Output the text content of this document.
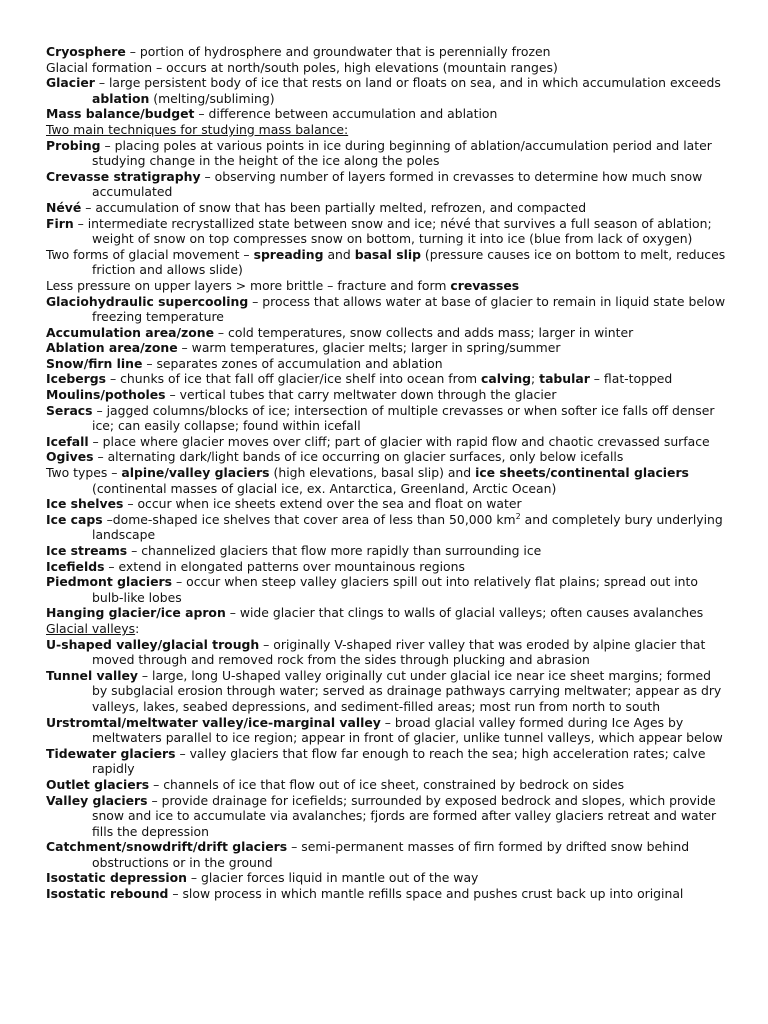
Cryosphere – portion of hydrosphere and groundwater that is perennially frozen

Glacial formation – occurs at north/south poles, high elevations (mountain ranges)

Glacier – large persistent body of ice that rests on land or floats on sea, and in which accumulation exceeds ablation (melting/subliming)

Mass balance/budget – difference between accumulation and ablation

Two main techniques for studying mass balance:

Probing – placing poles at various points in ice during beginning of ablation/accumulation period and later studying change in the height of the ice along the poles

Crevasse stratigraphy – observing number of layers formed in crevasses to determine how much snow accumulated

Névé – accumulation of snow that has been partially melted, refrozen, and compacted

Firn – intermediate recrystallized state between snow and ice; névé that survives a full season of ablation; weight of snow on top compresses snow on bottom, turning it into ice (blue from lack of oxygen)

Two forms of glacial movement – spreading and basal slip (pressure causes ice on bottom to melt, reduces friction and allows slide)

Less pressure on upper layers > more brittle – fracture and form crevasses

Glaciohydraulic supercooling – process that allows water at base of glacier to remain in liquid state below freezing temperature

Accumulation area/zone – cold temperatures, snow collects and adds mass; larger in winter

Ablation area/zone – warm temperatures, glacier melts; larger in spring/summer

Snow/firn line – separates zones of accumulation and ablation

Icebergs – chunks of ice that fall off glacier/ice shelf into ocean from calving; tabular – flat-topped

Moulins/potholes – vertical tubes that carry meltwater down through the glacier

Seracs – jagged columns/blocks of ice; intersection of multiple crevasses or when softer ice falls off denser ice; can easily collapse; found within icefall

Icefall – place where glacier moves over cliff; part of glacier with rapid flow and chaotic crevassed surface

Ogives – alternating dark/light bands of ice occurring on glacier surfaces, only below icefalls

Two types – alpine/valley glaciers (high elevations, basal slip) and ice sheets/continental glaciers (continental masses of glacial ice, ex. Antarctica, Greenland, Arctic Ocean)

Ice shelves – occur when ice sheets extend over the sea and float on water

Ice caps –dome-shaped ice shelves that cover area of less than 50,000 $km^2$ and completely bury underlying landscape

Ice streams – channelized glaciers that flow more rapidly than surrounding ice

Icefields – extend in elongated patterns over mountainous regions

Piedmont glaciers – occur when steep valley glaciers spill out into relatively flat plains; spread out into bulb-like lobes

Hanging glacier/ice apron – wide glacier that clings to walls of glacial valleys; often causes avalanches

Glacial valleys:

U-shaped valley/glacial trough – originally V-shaped river valley that was eroded by alpine glacier that moved through and removed rock from the sides through plucking and abrasion

Tunnel valley – large, long U-shaped valley originally cut under glacial ice near ice sheet margins; formed by subglacial erosion through water; served as drainage pathways carrying meltwater; appear as dry valleys, lakes, seabed depressions, and sediment-filled areas; most run from north to south

Urstromtal/meltwater valley/ice-marginal valley – broad glacial valley formed during Ice Ages by meltwaters parallel to ice region; appear in front of glacier, unlike tunnel valleys, which appear below

Tidewater glaciers – valley glaciers that flow far enough to reach the sea; high acceleration rates; calve rapidly

Outlet glaciers – channels of ice that flow out of ice sheet, constrained by bedrock on sides

Valley glaciers – provide drainage for icefields; surrounded by exposed bedrock and slopes, which provide snow and ice to accumulate via avalanches; fjords are formed after valley glaciers retreat and water fills the depression

Catchment/snowdrift/drift glaciers – semi-permanent masses of firn formed by drifted snow behind obstructions or in the ground

Isostatic depression – glacier forces liquid in mantle out of the way

Isostatic rebound – slow process in which mantle refills space and pushes crust back up into original
